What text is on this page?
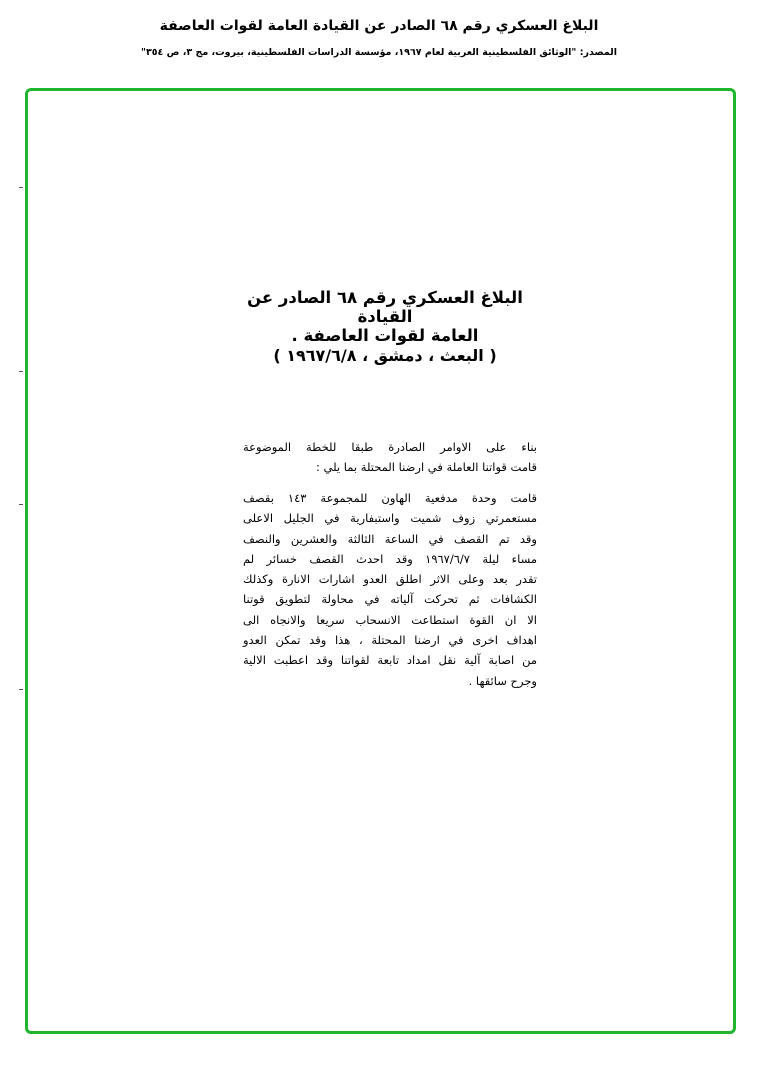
البلاغ العسكري رقم ٦٨ الصادر عن القيادة العامة لقوات العاصفة
المصدر: "الوثائق الفلسطينية العربية لعام ١٩٦٧، مؤسسة الدراسات الفلسطينية، بيروت، مج ٣، ص ٣٥٤"
البلاغ العسكري رقم ٦٨ الصادر عن القيادة
العامة لقوات العاصفة .
( البعث ، دمشق ، ١٩٦٧/٦/٨ )
بناء على الاوامر الصادرة طبقا للخطة الموضوعة
قامت قواتنا العاملة في ارضنا المحتلة بما يلي :
قامت وحدة مدفعية الهاون للمجموعة ١٤٣ بقصف
مستعمرتي زوف شميت واستبفارية في الجليل الاعلى
وقد تم القصف في الساعة الثالثة والعشرين والنصف
مساء ليلة ١٩٦٧/٦/٧ وقد احدث القصف خسائر لم
تقدر بعد وعلى الاثر اطلق العدو اشارات الانارة وكذلك
الكشافات ثم تحركت آلياته في محاولة لتطويق قوتنا
الا ان القوة استطاعت الانسحاب سريعا والانجاه الى
اهداف اخرى في ارضنا المحتلة ، هذا وقد تمكن العدو
من اصابة آلية نقل امداد تابعة لقواتنا وقد اعطبت الالية
وجرح سائقها .
